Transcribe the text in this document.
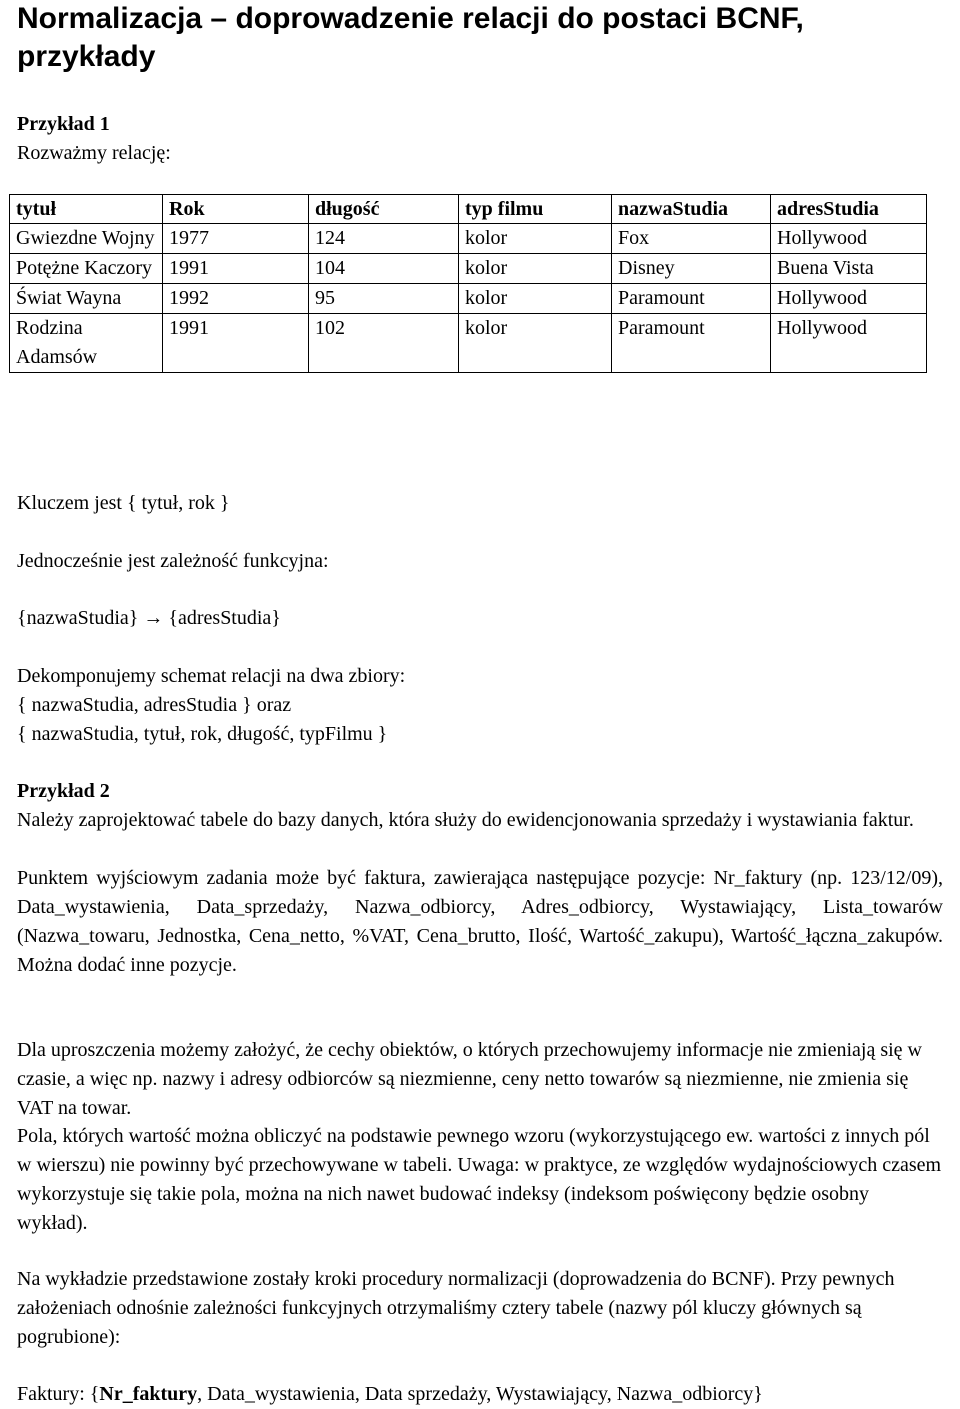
Normalizacja – doprowadzenie relacji do postaci BCNF, przykłady
Przykład 1
Rozważmy relację:
tytuł	Rok	długość	typ filmu	nazwaStudia	adresStudia
Gwiezdne Wojny	1977	124	kolor	Fox	Hollywood
Potężne Kaczory	1991	104	kolor	Disney	Buena Vista
Świat Wayna	1992	95	kolor	Paramount	Hollywood
Rodzina Adamsów	1991	102	kolor	Paramount	Hollywood
Kluczem jest { tytuł, rok }
Jednocześnie jest zależność funkcyjna:
{nazwaStudia} → {adresStudia}
Dekomponujemy schemat relacji na dwa zbiory:
{ nazwaStudia, adresStudia } oraz
{ nazwaStudia, tytuł, rok, długość, typFilmu }
Przykład 2
Należy zaprojektować tabele do bazy danych, która służy do ewidencjonowania sprzedaży i wystawiania faktur.
Punktem wyjściowym zadania może być faktura, zawierająca następujące pozycje: Nr_faktury (np. 123/12/09), Data_wystawienia, Data_sprzedaży, Nazwa_odbiorcy, Adres_odbiorcy, Wystawiający, Lista_towarów (Nazwa_towaru, Jednostka, Cena_netto, %VAT, Cena_brutto, Ilość, Wartość_zakupu), Wartość_łączna_zakupów. Można dodać inne pozycje.
Dla uproszczenia możemy założyć, że cechy obiektów, o których przechowujemy informacje nie zmieniają się w czasie, a więc np. nazwy i adresy odbiorców są niezmienne, ceny netto towarów są niezmienne, nie zmienia się VAT na towar.
Pola, których wartość można obliczyć na podstawie pewnego wzoru (wykorzystującego ew. wartości z innych pól w wierszu) nie powinny być przechowywane w tabeli. Uwaga: w praktyce, ze względów wydajnościowych czasem wykorzystuje się takie pola, można na nich nawet budować indeksy (indeksom poświęcony będzie osobny wykład).
Na wykładzie przedstawione zostały kroki procedury normalizacji (doprowadzenia do BCNF). Przy pewnych założeniach odnośnie zależności funkcyjnych otrzymaliśmy cztery tabele (nazwy pól kluczy głównych są pogrubione):
Faktury: {Nr_faktury, Data_wystawienia, Data sprzedaży, Wystawiający, Nazwa_odbiorcy}
